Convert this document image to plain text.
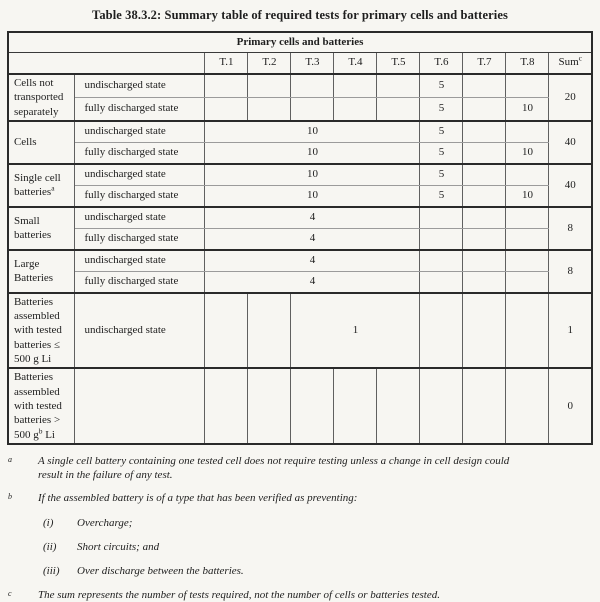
Table 38.3.2: Summary table of required tests for primary cells and batteries
Primary cells and batteries										
		T.1	T.2	T.3	T.4	T.5	T.6	T.7	T.8	Sum$^c$
Cells not transported separately	undischarged state						5			20
	fully discharged state						5		10	
Cells	undischarged state	10					5			40
	fully discharged state	10					5		10	
Single cell batteries$^a$	undischarged state	10					5			40
	fully discharged state	10					5		10	
Small batteries	undischarged state	4								8
	fully discharged state	4								
Large Batteries	undischarged state	4								8
	fully discharged state	4								
Batteries assembled with tested batteries ≤ 500 g Li	undischarged state			1						1
Batteries assembled with tested batteries > 500 $g^b$ Li										0
a	A single cell battery containing one tested cell does not require testing unless a change in cell design could result in the failure of any test.
b	If the assembled battery is of a type that has been verified as preventing:
(i)	Overcharge;
(ii)	Short circuits; and
(iii)	Over discharge between the batteries.
c	The sum represents the number of tests required, not the number of cells or batteries tested.
